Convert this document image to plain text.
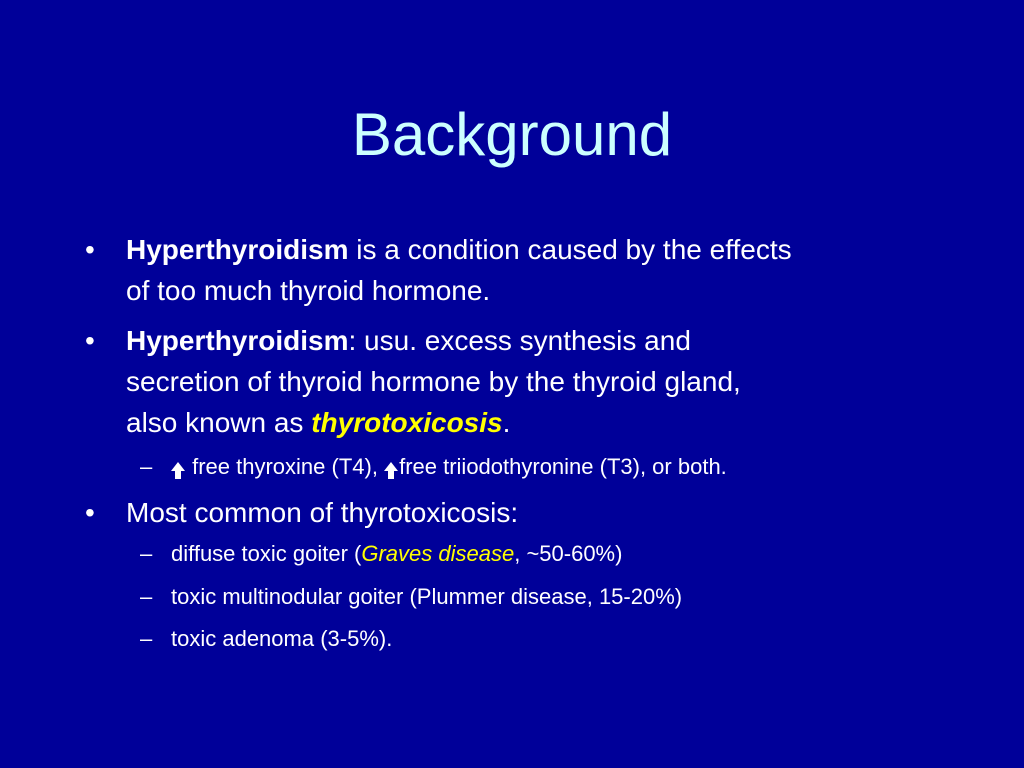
Background
• Hyperthyroidism is a condition caused by the effects
of too much thyroid hormone.
• Hyperthyroidism: usu. excess synthesis and
secretion of thyroid hormone by the thyroid gland,
also known as thyrotoxicosis.
– free thyroxine (T4), free triiodothyronine (T3), or both.
• Most common of thyrotoxicosis:
– diffuse toxic goiter (Graves disease, ~50-60%)
– toxic multinodular goiter (Plummer disease, 15-20%)
– toxic adenoma (3-5%).
